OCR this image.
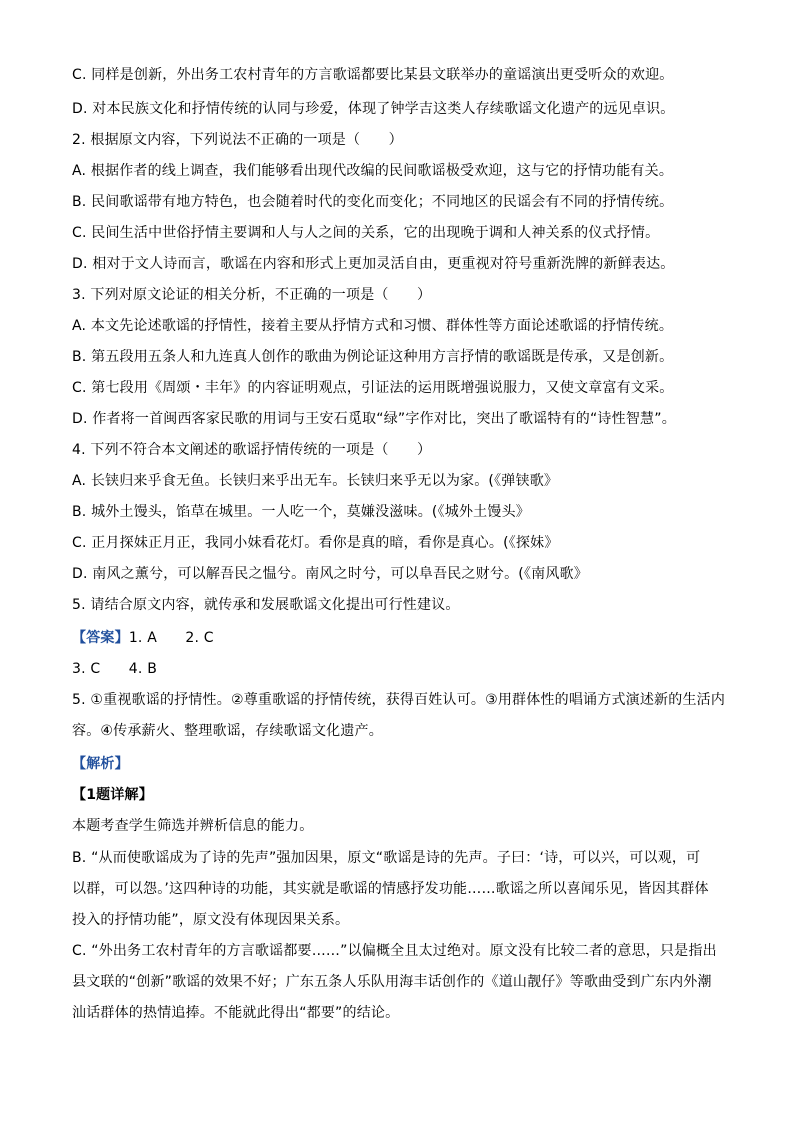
C. 同样是创新，外出务工农村青年的方言歌谣都要比某县文联举办的童谣演出更受听众的欢迎。
D. 对本民族文化和抒情传统的认同与珍爱，体现了钟学吉这类人存续歌谣文化遗产的远见卓识。
2. 根据原文内容，下列说法不正确的一项是（　　）
A. 根据作者的线上调查，我们能够看出现代改编的民间歌谣极受欢迎，这与它的抒情功能有关。
B. 民间歌谣带有地方特色，也会随着时代的变化而变化；不同地区的民谣会有不同的抒情传统。
C. 民间生活中世俗抒情主要调和人与人之间的关系，它的出现晚于调和人神关系的仪式抒情。
D. 相对于文人诗而言，歌谣在内容和形式上更加灵活自由，更重视对符号重新洗牌的新鲜表达。
3. 下列对原文论证的相关分析，不正确的一项是（　　）
A. 本文先论述歌谣的抒情性，接着主要从抒情方式和习惯、群体性等方面论述歌谣的抒情传统。
B. 第五段用五条人和九连真人创作的歌曲为例论证这种用方言抒情的歌谣既是传承，又是创新。
C. 第七段用《周颂・丰年》的内容证明观点，引证法的运用既增强说服力，又使文章富有文采。
D. 作者将一首闽西客家民歌的用词与王安石觅取“绿”字作对比，突出了歌谣特有的“诗性智慧”。
4. 下列不符合本文阐述的歌谣抒情传统的一项是（　　）
A. 长铗归来乎食无鱼。长铗归来乎出无车。长铗归来乎无以为家。(《弹铗歌》
B. 城外土馒头，馅草在城里。一人吃一个，莫嫌没滋味。(《城外土馒头》
C. 正月探妹正月正，我同小妹看花灯。看你是真的暗，看你是真心。(《探妹》
D. 南风之薰兮，可以解吾民之愠兮。南风之时兮，可以阜吾民之财兮。(《南风歌》
5. 请结合原文内容，就传承和发展歌谣文化提出可行性建议。
【答案】1. A　　2. C
3. C　　4. B
5. ①重视歌谣的抒情性。②尊重歌谣的抒情传统，获得百姓认可。③用群体性的唱诵方式演述新的生活内
容。④传承薪火、整理歌谣，存续歌谣文化遗产。
【解析】
【1题详解】
本题考查学生筛选并辨析信息的能力。
B. “从而使歌谣成为了诗的先声”强加因果，原文“歌谣是诗的先声。子曰：‘诗，可以兴，可以观，可
以群，可以怨。’这四种诗的功能，其实就是歌谣的情感抒发功能……歌谣之所以喜闻乐见，皆因其群体
投入的抒情功能”，原文没有体现因果关系。
C. “外出务工农村青年的方言歌谣都要……”以偏概全且太过绝对。原文没有比较二者的意思，只是指出
县文联的“创新”歌谣的效果不好；广东五条人乐队用海丰话创作的《道山靓仔》等歌曲受到广东内外潮
汕话群体的热情追捧。不能就此得出“都要”的结论。
